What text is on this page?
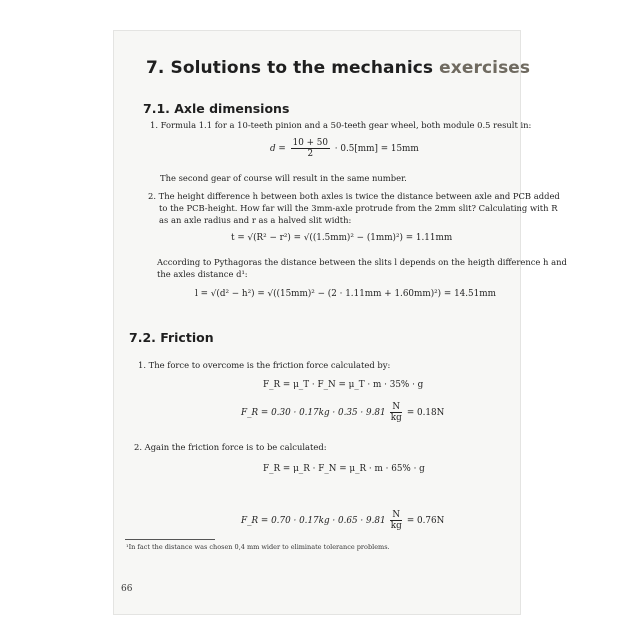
7. Solutions to the mechanics exercises
7.1. Axle dimensions
1. Formula 1.1 for a 10-teeth pinion and a 50-teeth gear wheel, both module 0.5 result in:
$d = \frac{10 + 50}{2} \cdot 0.5[mm] = 15mm$
The second gear of course will result in the same number.
2. The height difference h between both axles is twice the distance between axle and PCB added
to the PCB-height. How far will the 3mm-axle protrude from the 2mm slit? Calculating with R
as an axle radius and r as a halved slit width:
t = √(R² − r²) = √((1.5mm)² − (1mm)²) = 1.11mm
According to Pythagoras the distance between the slits l depends on the heigth difference h and
the axles distance d¹:
l = √(d² − h²) = √((15mm)² − (2 · 1.11mm + 1.60mm)²) = 14.51mm
7.2. Friction
1. The force to overcome is the friction force calculated by:
F_R = μ_T · F_N = μ_T · m · 35% · g
F_R = $0.30 \cdot 0.17kg \cdot 0.35 \cdot 9.81 \frac{N}{kg} = 0.18N$
2. Again the friction force is to be calculated:
F_R = μ_R · F_N = μ_R · m · 65% · g
F_R = $0.70 \cdot 0.17kg \cdot 0.65 \cdot 9.81 \frac{N}{kg} = 0.76N$
¹In fact the distance was chosen 0,4 mm wider to eliminate tolerance problems.
66
